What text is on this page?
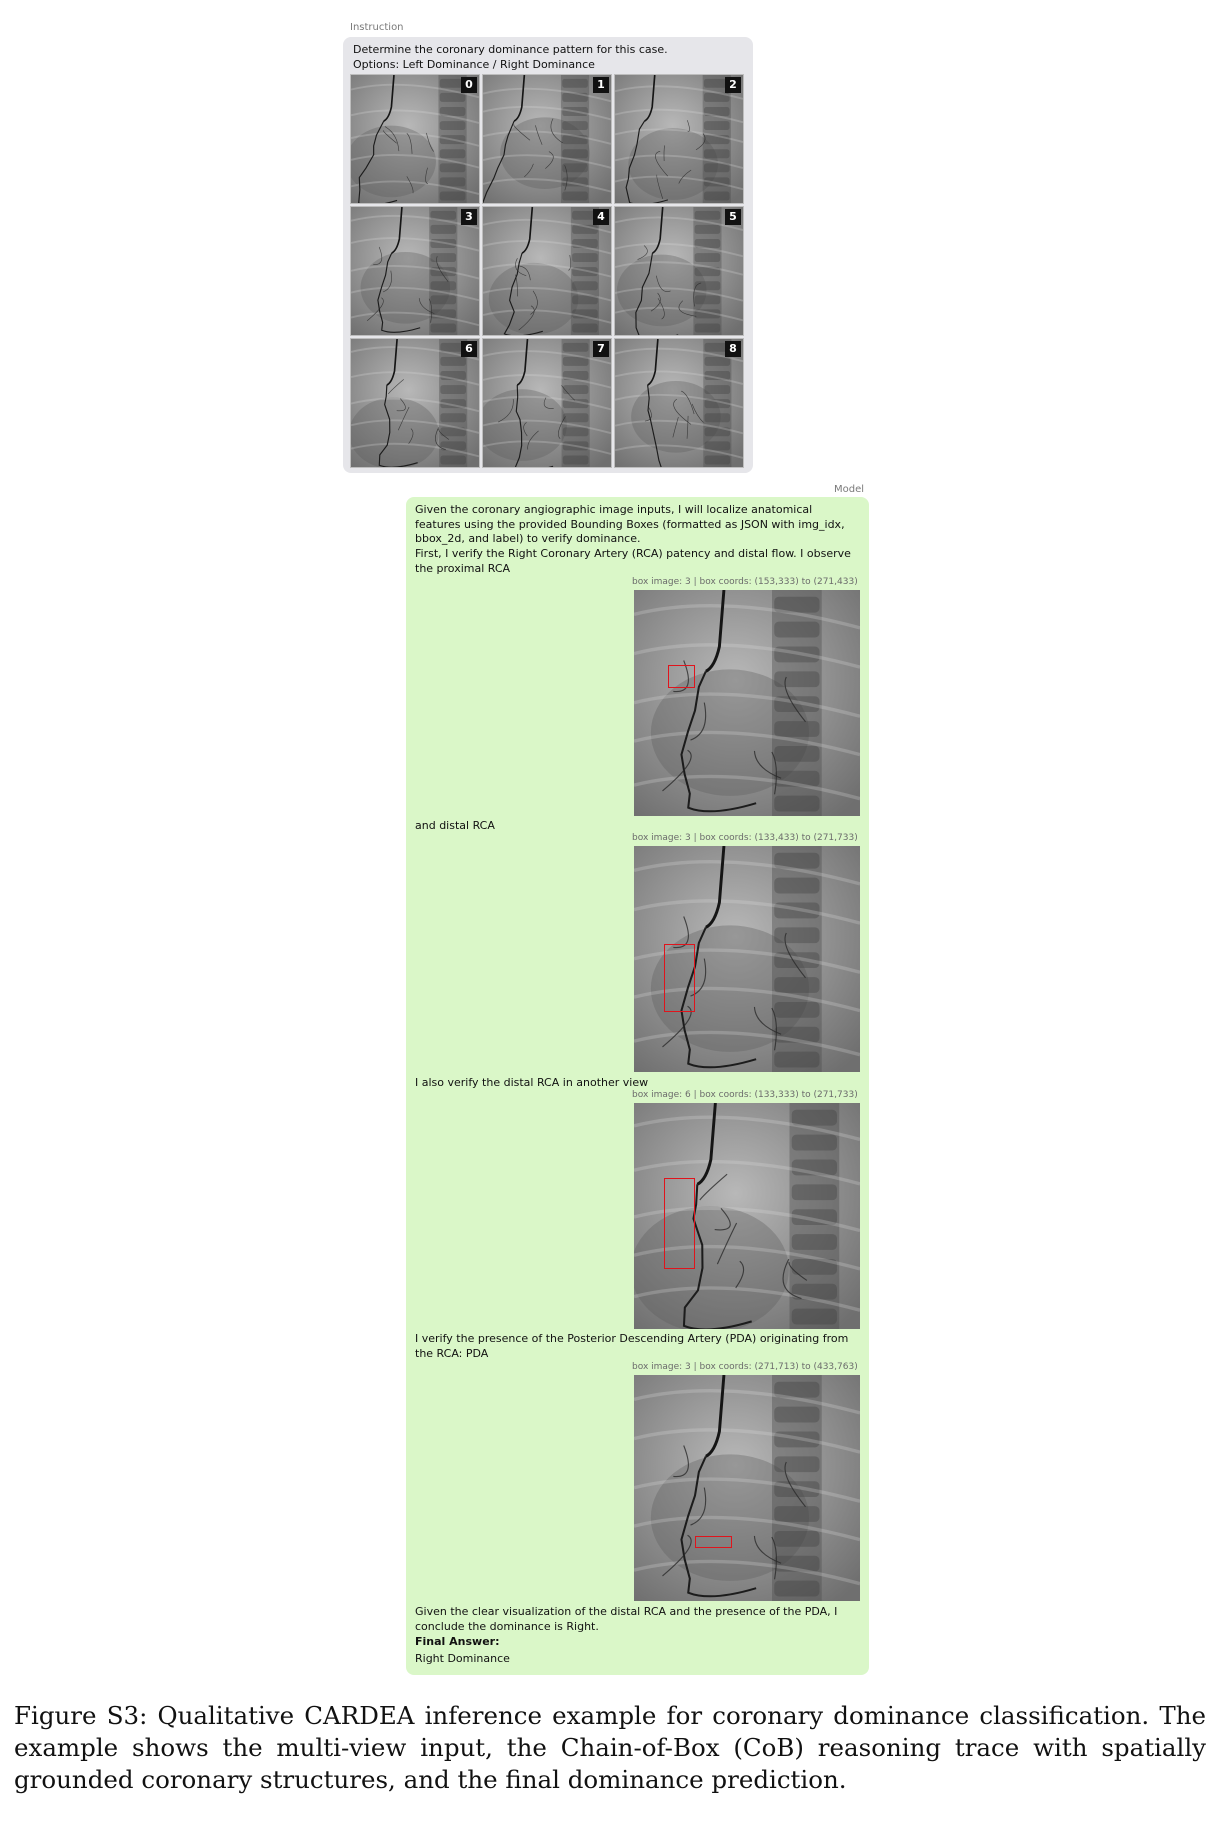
Instruction
Determine the coronary dominance pattern for this case.
Options: Left Dominance / Right Dominance
0	1	2
3	4	5
6	7	8
Model
Given the coronary angiographic image inputs, I will localize anatomical features using the provided Bounding Boxes (formatted as JSON with img_idx, bbox_2d, and label) to verify dominance.
First, I verify the Right Coronary Artery (RCA) patency and distal flow. I observe the proximal RCA
box image: 3 | box coords: (153,333) to (271,433)
and distal RCA
box image: 3 | box coords: (133,433) to (271,733)
I also verify the distal RCA in another view
box image: 6 | box coords: (133,333) to (271,733)
I verify the presence of the Posterior Descending Artery (PDA) originating from the RCA: PDA
box image: 3 | box coords: (271,713) to (433,763)
Given the clear visualization of the distal RCA and the presence of the PDA, I conclude the dominance is Right.
Final Answer:
Right Dominance
Figure S3: Qualitative CARDEA inference example for coronary dominance classification. The example shows the multi-view input, the Chain-of-Box (CoB) reasoning trace with spatially grounded coronary structures, and the final dominance prediction.
